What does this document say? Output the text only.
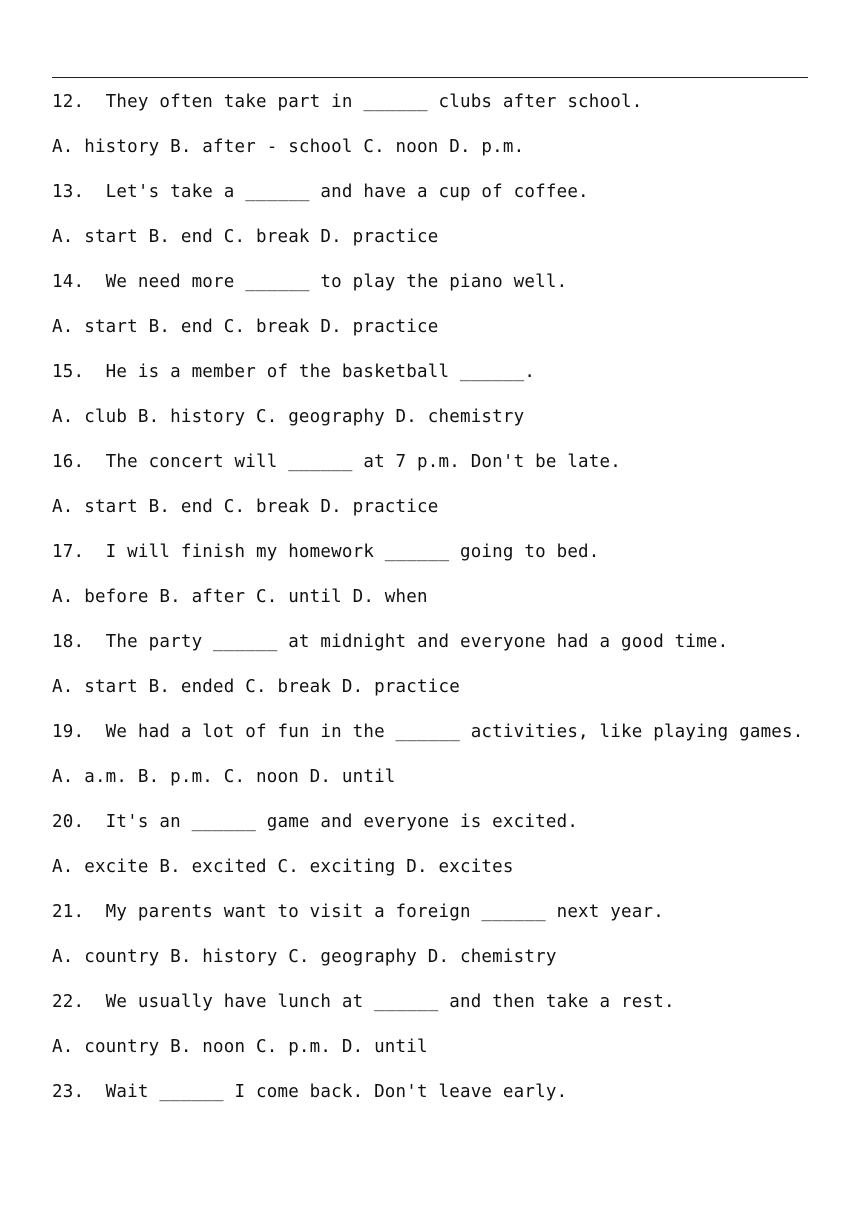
12.  They often take part in ______ clubs after school.
A. history B. after - school C. noon D. p.m.
13.  Let's take a ______ and have a cup of coffee.
A. start B. end C. break D. practice
14.  We need more ______ to play the piano well.
A. start B. end C. break D. practice
15.  He is a member of the basketball ______.
A. club B. history C. geography D. chemistry
16.  The concert will ______ at 7 p.m. Don't be late.
A. start B. end C. break D. practice
17.  I will finish my homework ______ going to bed.
A. before B. after C. until D. when
18.  The party ______ at midnight and everyone had a good time.
A. start B. ended C. break D. practice
19.  We had a lot of fun in the ______ activities, like playing games.
A. a.m. B. p.m. C. noon D. until
20.  It's an ______ game and everyone is excited.
A. excite B. excited C. exciting D. excites
21.  My parents want to visit a foreign ______ next year.
A. country B. history C. geography D. chemistry
22.  We usually have lunch at ______ and then take a rest.
A. country B. noon C. p.m. D. until
23.  Wait ______ I come back. Don't leave early.
